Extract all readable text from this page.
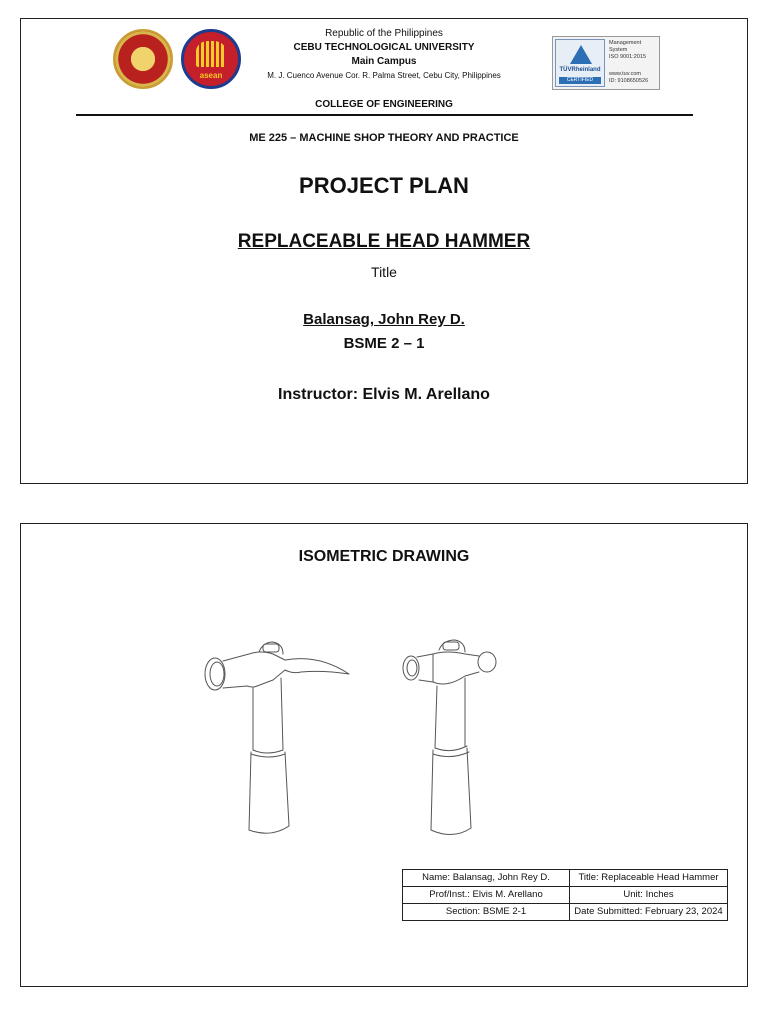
asean
Republic of the Philippines
CEBU TECHNOLOGICAL UNIVERSITY
Main Campus
M. J. Cuenco Avenue Cor. R. Palma Street, Cebu City, Philippines
COLLEGE OF ENGINEERING
TÜVRheinland
CERTIFIED
Management
System
ISO 9001:2015
www.tuv.com
ID: 9108650526
ME 225 – MACHINE SHOP THEORY AND PRACTICE
PROJECT PLAN
REPLACEABLE HEAD HAMMER
Title
Balansag, John Rey D.
BSME 2 – 1
Instructor: Elvis M. Arellano
ISOMETRIC DRAWING
Name: Balansag, John Rey D.	Title: Replaceable Head Hammer
Prof/Inst.: Elvis M. Arellano	Unit: Inches
Section: BSME 2-1	Date Submitted: February 23, 2024
